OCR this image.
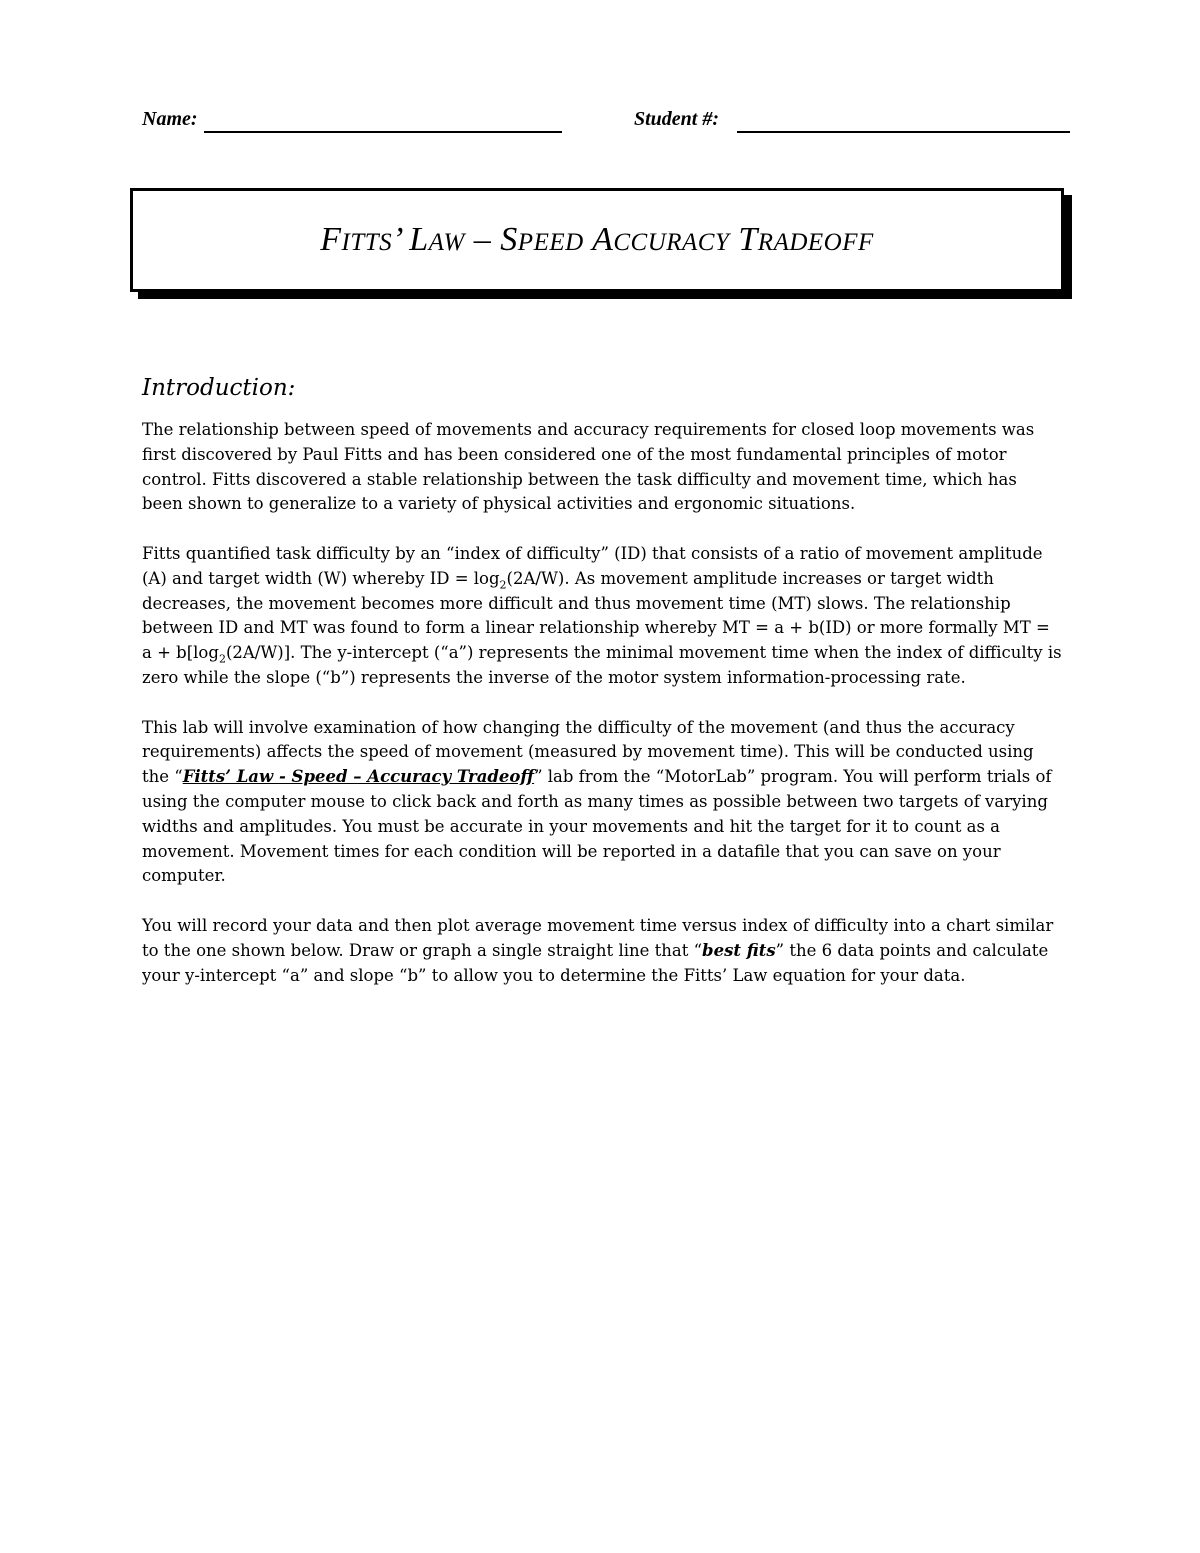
Name:	Student #:
FITTS’ LAW – SPEED ACCURACY TRADEOFF
Introduction:

The relationship between speed of movements and accuracy requirements for closed loop movements was first discovered by Paul Fitts and has been considered one of the most fundamental principles of motor control. Fitts discovered a stable relationship between the task difficulty and movement time, which has been shown to generalize to a variety of physical activities and ergonomic situations.

Fitts quantified task difficulty by an “index of difficulty” (ID) that consists of a ratio of movement amplitude (A) and target width (W) whereby ID = $\log_2(2A/W)$. As movement amplitude increases or target width decreases, the movement becomes more difficult and thus movement time (MT) slows. The relationship between ID and MT was found to form a linear relationship whereby MT = a + b(ID) or more formally MT = $a + b[\log_2(2A/W)]$. The y-intercept (“a”) represents the minimal movement time when the index of difficulty is zero while the slope (“b”) represents the inverse of the motor system information-processing rate.

This lab will involve examination of how changing the difficulty of the movement (and thus the accuracy requirements) affects the speed of movement (measured by movement time). This will be conducted using the “Fitts’ Law - Speed – Accuracy Tradeoff” lab from the “MotorLab” program. You will perform trials of using the computer mouse to click back and forth as many times as possible between two targets of varying widths and amplitudes. You must be accurate in your movements and hit the target for it to count as a movement. Movement times for each condition will be reported in a datafile that you can save on your computer.

You will record your data and then plot average movement time versus index of difficulty into a chart similar to the one shown below. Draw or graph a single straight line that “best fits” the 6 data points and calculate your y-intercept “a” and slope “b” to allow you to determine the Fitts’ Law equation for your data.
